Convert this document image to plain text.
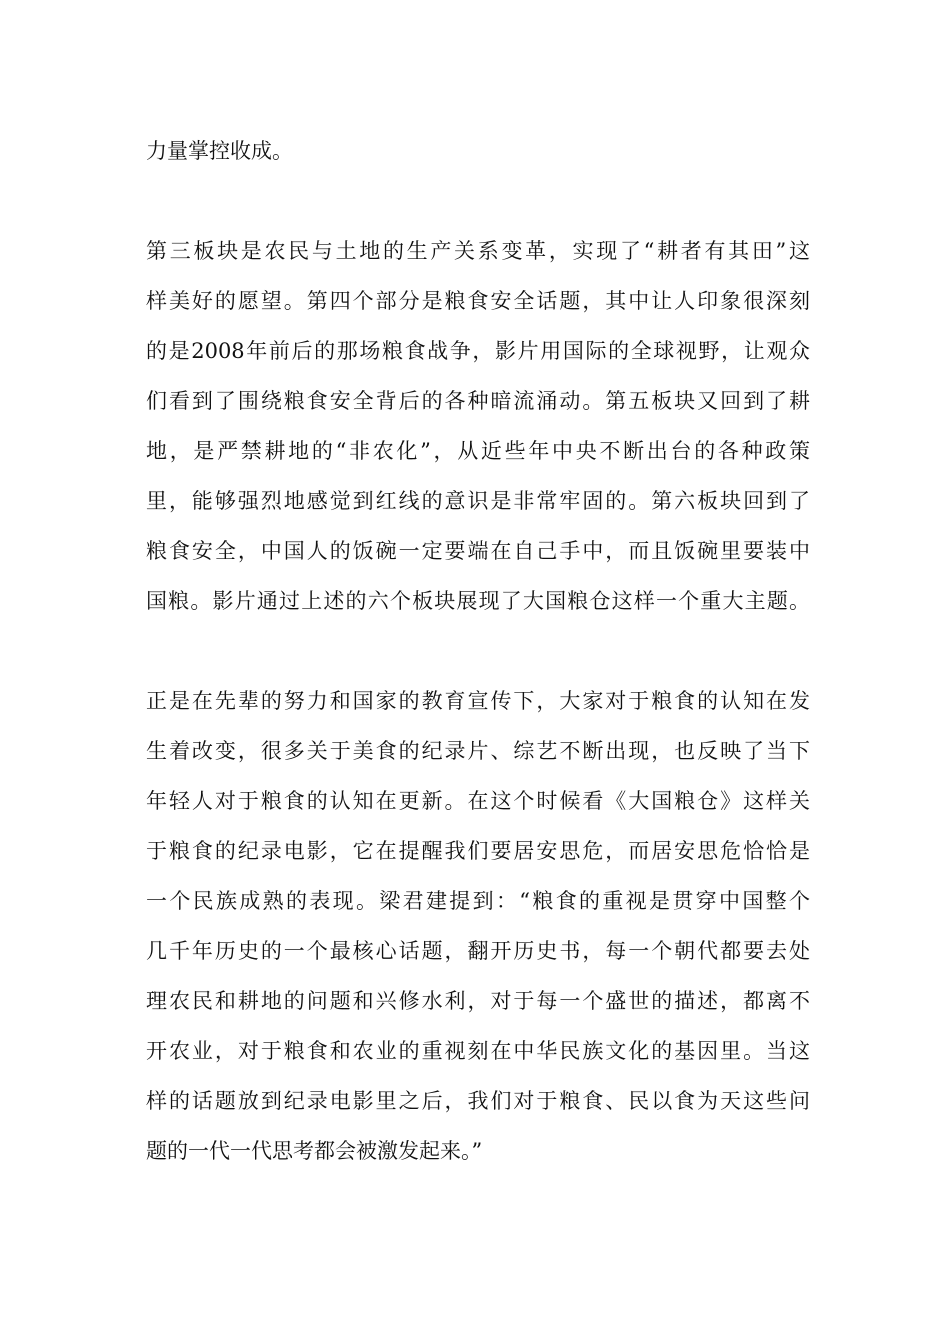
力量掌控收成。

第三板块是农民与土地的生产关系变革，实现了“耕者有其田”这

样美好的愿望。第四个部分是粮食安全话题，其中让人印象很深刻

的是2008年前后的那场粮食战争，影片用国际的全球视野，让观众

们看到了围绕粮食安全背后的各种暗流涌动。第五板块又回到了耕

地，是严禁耕地的“非农化”，从近些年中央不断出台的各种政策

里，能够强烈地感觉到红线的意识是非常牢固的。第六板块回到了

粮食安全，中国人的饭碗一定要端在自己手中，而且饭碗里要装中

国粮。影片通过上述的六个板块展现了大国粮仓这样一个重大主题。

正是在先辈的努力和国家的教育宣传下，大家对于粮食的认知在发

生着改变，很多关于美食的纪录片、综艺不断出现，也反映了当下

年轻人对于粮食的认知在更新。在这个时候看《大国粮仓》这样关

于粮食的纪录电影，它在提醒我们要居安思危，而居安思危恰恰是

一个民族成熟的表现。梁君建提到：“粮食的重视是贯穿中国整个

几千年历史的一个最核心话题，翻开历史书，每一个朝代都要去处

理农民和耕地的问题和兴修水利，对于每一个盛世的描述，都离不

开农业，对于粮食和农业的重视刻在中华民族文化的基因里。当这

样的话题放到纪录电影里之后，我们对于粮食、民以食为天这些问

题的一代一代思考都会被激发起来。”
